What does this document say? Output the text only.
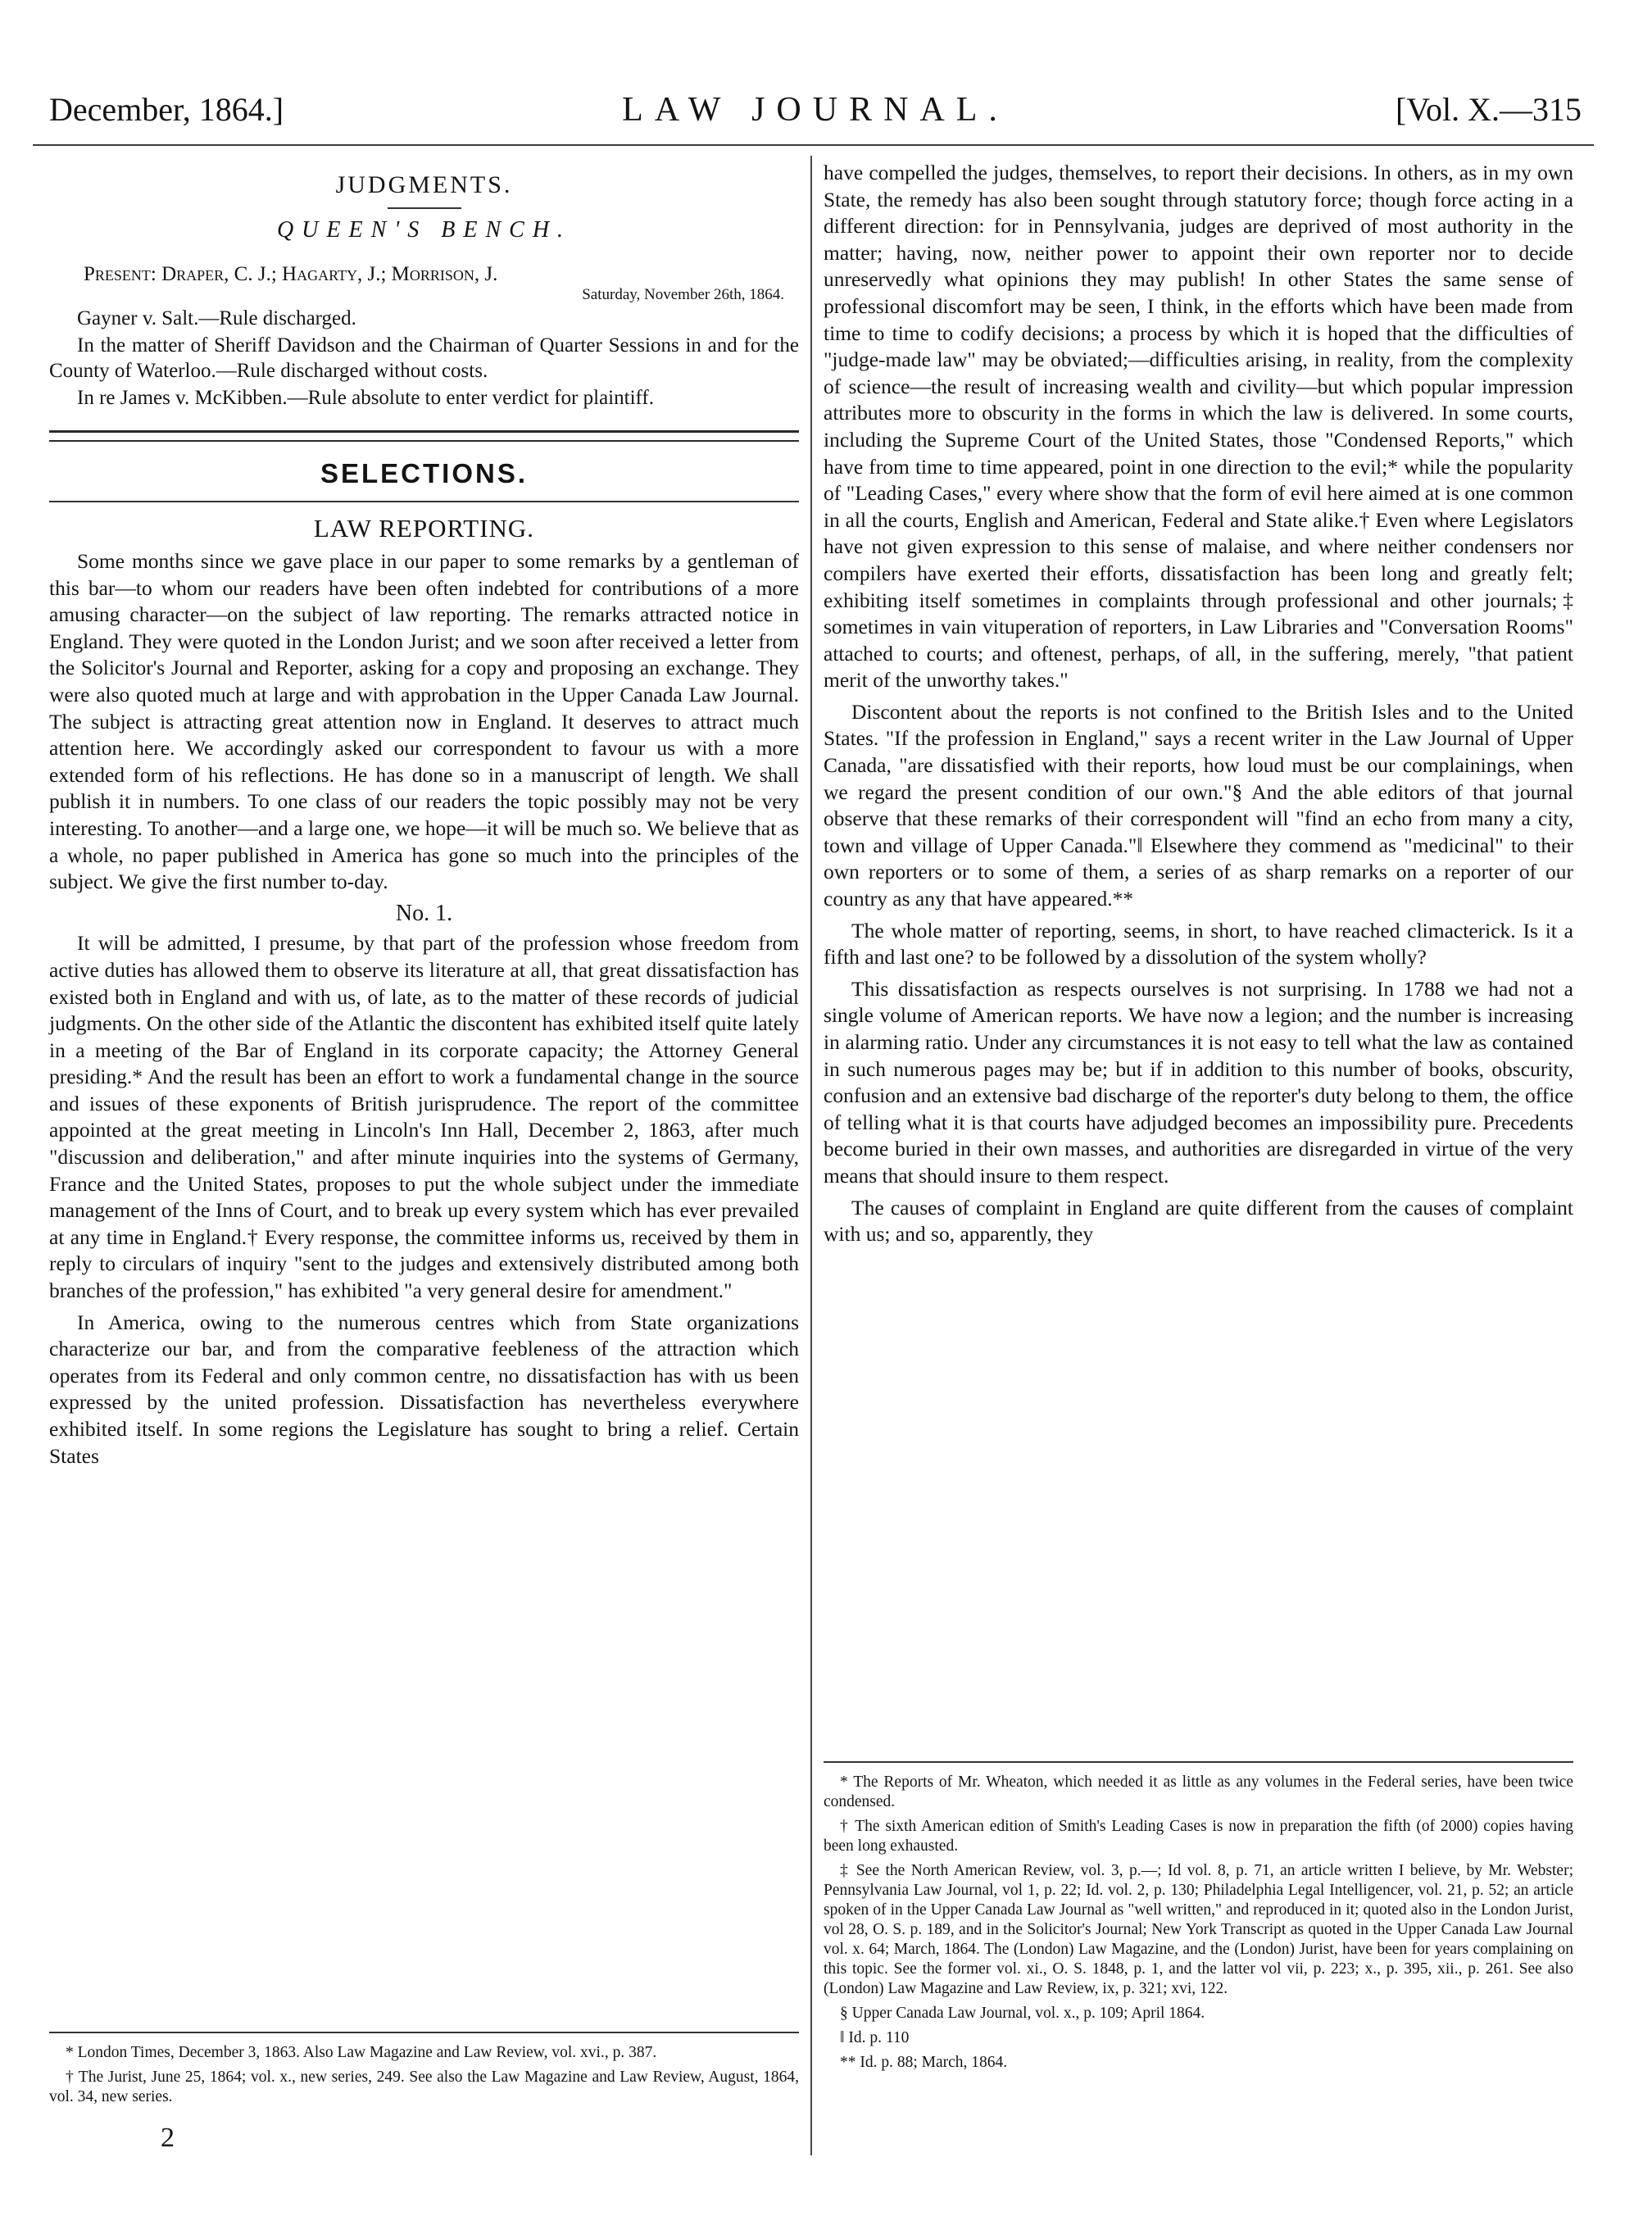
December, 1864.]	LAW JOURNAL.	[Vol. X.—315
JUDGMENTS.
QUEEN'S BENCH.
Present: Draper, C. J.; Hagarty, J.; Morrison, J.
Saturday, November 26th, 1864.
Gayner v. Salt.—Rule discharged.
In the matter of Sheriff Davidson and the Chairman of Quarter Sessions in and for the County of Waterloo.—Rule discharged without costs.
In re James v. McKibben.—Rule absolute to enter verdict for plaintiff.
SELECTIONS.
LAW REPORTING.

Some months since we gave place in our paper to some remarks by a gentleman of this bar—to whom our readers have been often indebted for contributions of a more amusing character—on the subject of law reporting. The remarks attracted notice in England. They were quoted in the London Jurist; and we soon after received a letter from the Solicitor's Journal and Reporter, asking for a copy and proposing an exchange. They were also quoted much at large and with approbation in the Upper Canada Law Journal. The subject is attracting great attention now in England. It deserves to attract much attention here. We accordingly asked our correspondent to favour us with a more extended form of his reflections. He has done so in a manuscript of length. We shall publish it in numbers. To one class of our readers the topic possibly may not be very interesting. To another—and a large one, we hope—it will be much so. We believe that as a whole, no paper published in America has gone so much into the principles of the subject. We give the first number to-day.

No. 1.

It will be admitted, I presume, by that part of the profession whose freedom from active duties has allowed them to observe its literature at all, that great dissatisfaction has existed both in England and with us, of late, as to the matter of these records of judicial judgments. On the other side of the Atlantic the discontent has exhibited itself quite lately in a meeting of the Bar of England in its corporate capacity; the Attorney General presiding.* And the result has been an effort to work a fundamental change in the source and issues of these exponents of British jurisprudence. The report of the committee appointed at the great meeting in Lincoln's Inn Hall, December 2, 1863, after much "discussion and deliberation," and after minute inquiries into the systems of Germany, France and the United States, proposes to put the whole subject under the immediate management of the Inns of Court, and to break up every system which has ever prevailed at any time in England.† Every response, the committee informs us, received by them in reply to circulars of inquiry "sent to the judges and extensively distributed among both branches of the profession," has exhibited "a very general desire for amendment."

In America, owing to the numerous centres which from State organizations characterize our bar, and from the comparative feebleness of the attraction which operates from its Federal and only common centre, no dissatisfaction has with us been expressed by the united profession. Dissatisfaction has nevertheless everywhere exhibited itself. In some regions the Legislature has sought to bring a relief. Certain States

* London Times, December 3, 1863. Also Law Magazine and Law Review, vol. xvi., p. 387.

† The Jurist, June 25, 1864; vol. x., new series, 249. See also the Law Magazine and Law Review, August, 1864, vol. 34, new series.

have compelled the judges, themselves, to report their decisions. In others, as in my own State, the remedy has also been sought through statutory force; though force acting in a different direction: for in Pennsylvania, judges are deprived of most authority in the matter; having, now, neither power to appoint their own reporter nor to decide unreservedly what opinions they may publish! In other States the same sense of professional discomfort may be seen, I think, in the efforts which have been made from time to time to codify decisions; a process by which it is hoped that the difficulties of "judge-made law" may be obviated;—difficulties arising, in reality, from the complexity of science—the result of increasing wealth and civility—but which popular impression attributes more to obscurity in the forms in which the law is delivered. In some courts, including the Supreme Court of the United States, those "Condensed Reports," which have from time to time appeared, point in one direction to the evil;* while the popularity of "Leading Cases," every where show that the form of evil here aimed at is one common in all the courts, English and American, Federal and State alike.† Even where Legislators have not given expression to this sense of malaise, and where neither condensers nor compilers have exerted their efforts, dissatisfaction has been long and greatly felt; exhibiting itself sometimes in complaints through professional and other journals;‡ sometimes in vain vituperation of reporters, in Law Libraries and "Conversation Rooms" attached to courts; and oftenest, perhaps, of all, in the suffering, merely, "that patient merit of the unworthy takes."

Discontent about the reports is not confined to the British Isles and to the United States. "If the profession in England," says a recent writer in the Law Journal of Upper Canada, "are dissatisfied with their reports, how loud must be our complainings, when we regard the present condition of our own."§ And the able editors of that journal observe that these remarks of their correspondent will "find an echo from many a city, town and village of Upper Canada."‖ Elsewhere they commend as "medicinal" to their own reporters or to some of them, a series of as sharp remarks on a reporter of our country as any that have appeared.**

The whole matter of reporting, seems, in short, to have reached climacterick. Is it a fifth and last one? to be followed by a dissolution of the system wholly?

This dissatisfaction as respects ourselves is not surprising. In 1788 we had not a single volume of American reports. We have now a legion; and the number is increasing in alarming ratio. Under any circumstances it is not easy to tell what the law as contained in such numerous pages may be; but if in addition to this number of books, obscurity, confusion and an extensive bad discharge of the reporter's duty belong to them, the office of telling what it is that courts have adjudged becomes an impossibility pure. Precedents become buried in their own masses, and authorities are disregarded in virtue of the very means that should insure to them respect.

The causes of complaint in England are quite different from the causes of complaint with us; and so, apparently, they

* The Reports of Mr. Wheaton, which needed it as little as any volumes in the Federal series, have been twice condensed.

† The sixth American edition of Smith's Leading Cases is now in preparation the fifth (of 2000) copies having been long exhausted.

‡ See the North American Review, vol. 3, p.—; Id vol. 8, p. 71, an article written I believe, by Mr. Webster; Pennsylvania Law Journal, vol 1, p. 22; Id. vol. 2, p. 130; Philadelphia Legal Intelligencer, vol. 21, p. 52; an article spoken of in the Upper Canada Law Journal as "well written," and reproduced in it; quoted also in the London Jurist, vol 28, O. S. p. 189, and in the Solicitor's Journal; New York Transcript as quoted in the Upper Canada Law Journal vol. x. 64; March, 1864. The (London) Law Magazine, and the (London) Jurist, have been for years complaining on this topic. See the former vol. xi., O. S. 1848, p. 1, and the latter vol vii, p. 223; x., p. 395, xii., p. 261. See also (London) Law Magazine and Law Review, ix, p. 321; xvi, 122.

§ Upper Canada Law Journal, vol. x., p. 109; April 1864.

‖ Id. p. 110

** Id. p. 88; March, 1864.

2
